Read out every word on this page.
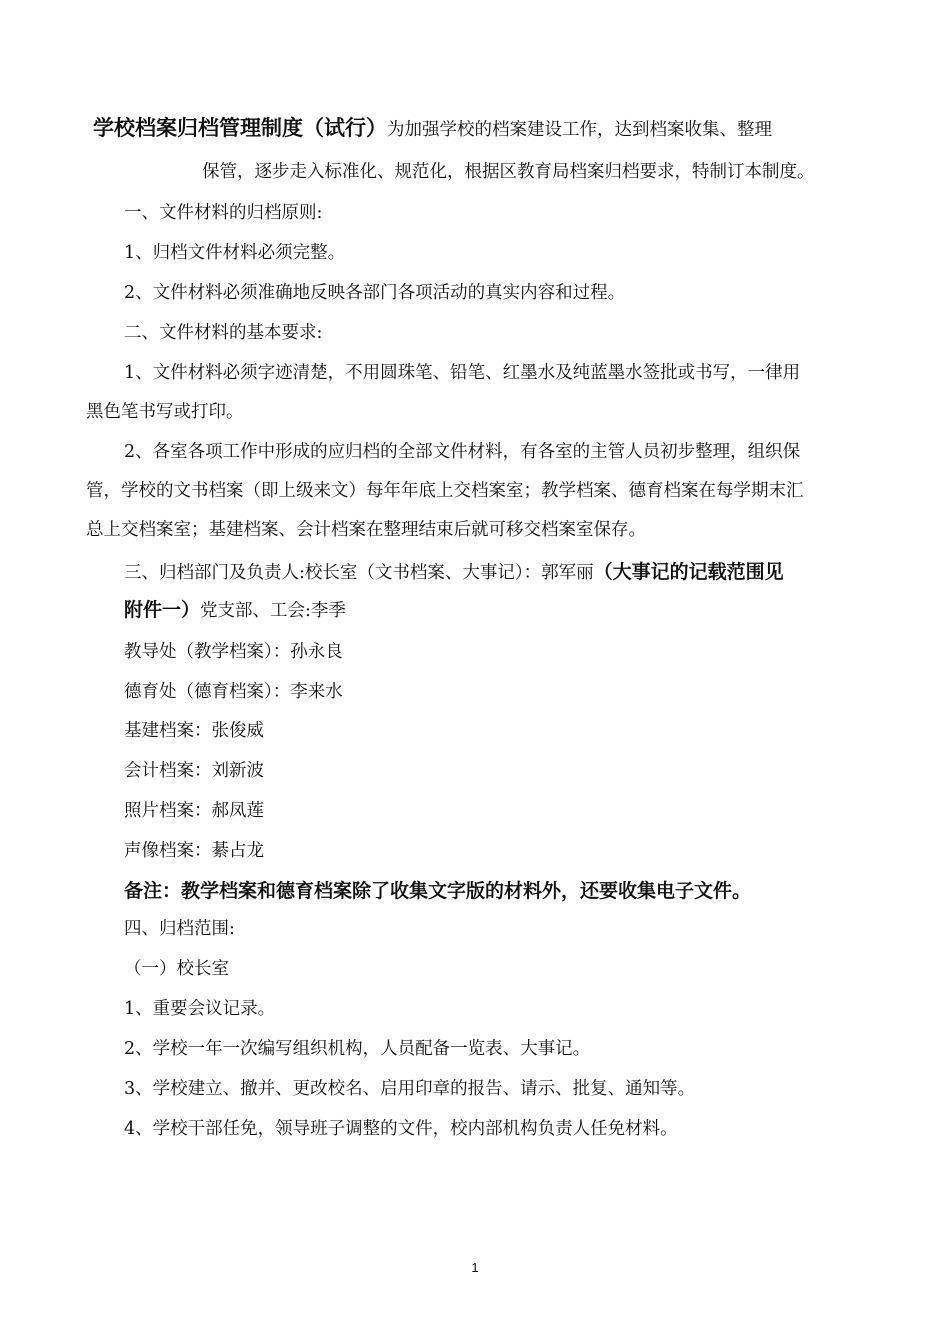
学校档案归档管理制度（试行）为加强学校的档案建设工作，达到档案收集、整理
保管，逐步走入标准化、规范化，根据区教育局档案归档要求，特制订本制度。
一、文件材料的归档原则:
1、归档文件材料必须完整。
2、文件材料必须准确地反映各部门各项活动的真实内容和过程。
二、文件材料的基本要求:
1、文件材料必须字迹清楚，不用圆珠笔、铅笔、红墨水及纯蓝墨水签批或书写，一律用
黑色笔书写或打印。
2、各室各项工作中形成的应归档的全部文件材料，有各室的主管人员初步整理，组织保
管，学校的文书档案（即上级来文）每年年底上交档案室；教学档案、德育档案在每学期末汇
总上交档案室；基建档案、会计档案在整理结束后就可移交档案室保存。
三、归档部门及负责人:校长室（文书档案、大事记）：郭军丽（大事记的记载范围见
附件一）党支部、工会:李季
教导处（教学档案）：孙永良
德育处（德育档案）：李来水
基建档案：张俊威
会计档案：刘新波
照片档案：郝凤莲
声像档案：綦占龙
备注：教学档案和德育档案除了收集文字版的材料外，还要收集电子文件。
四、归档范围:
（一）校长室
1、重要会议记录。
2、学校一年一次编写组织机构，人员配备一览表、大事记。
3、学校建立、撤并、更改校名、启用印章的报告、请示、批复、通知等。
4、学校干部任免，领导班子调整的文件，校内部机构负责人任免材料。
1
